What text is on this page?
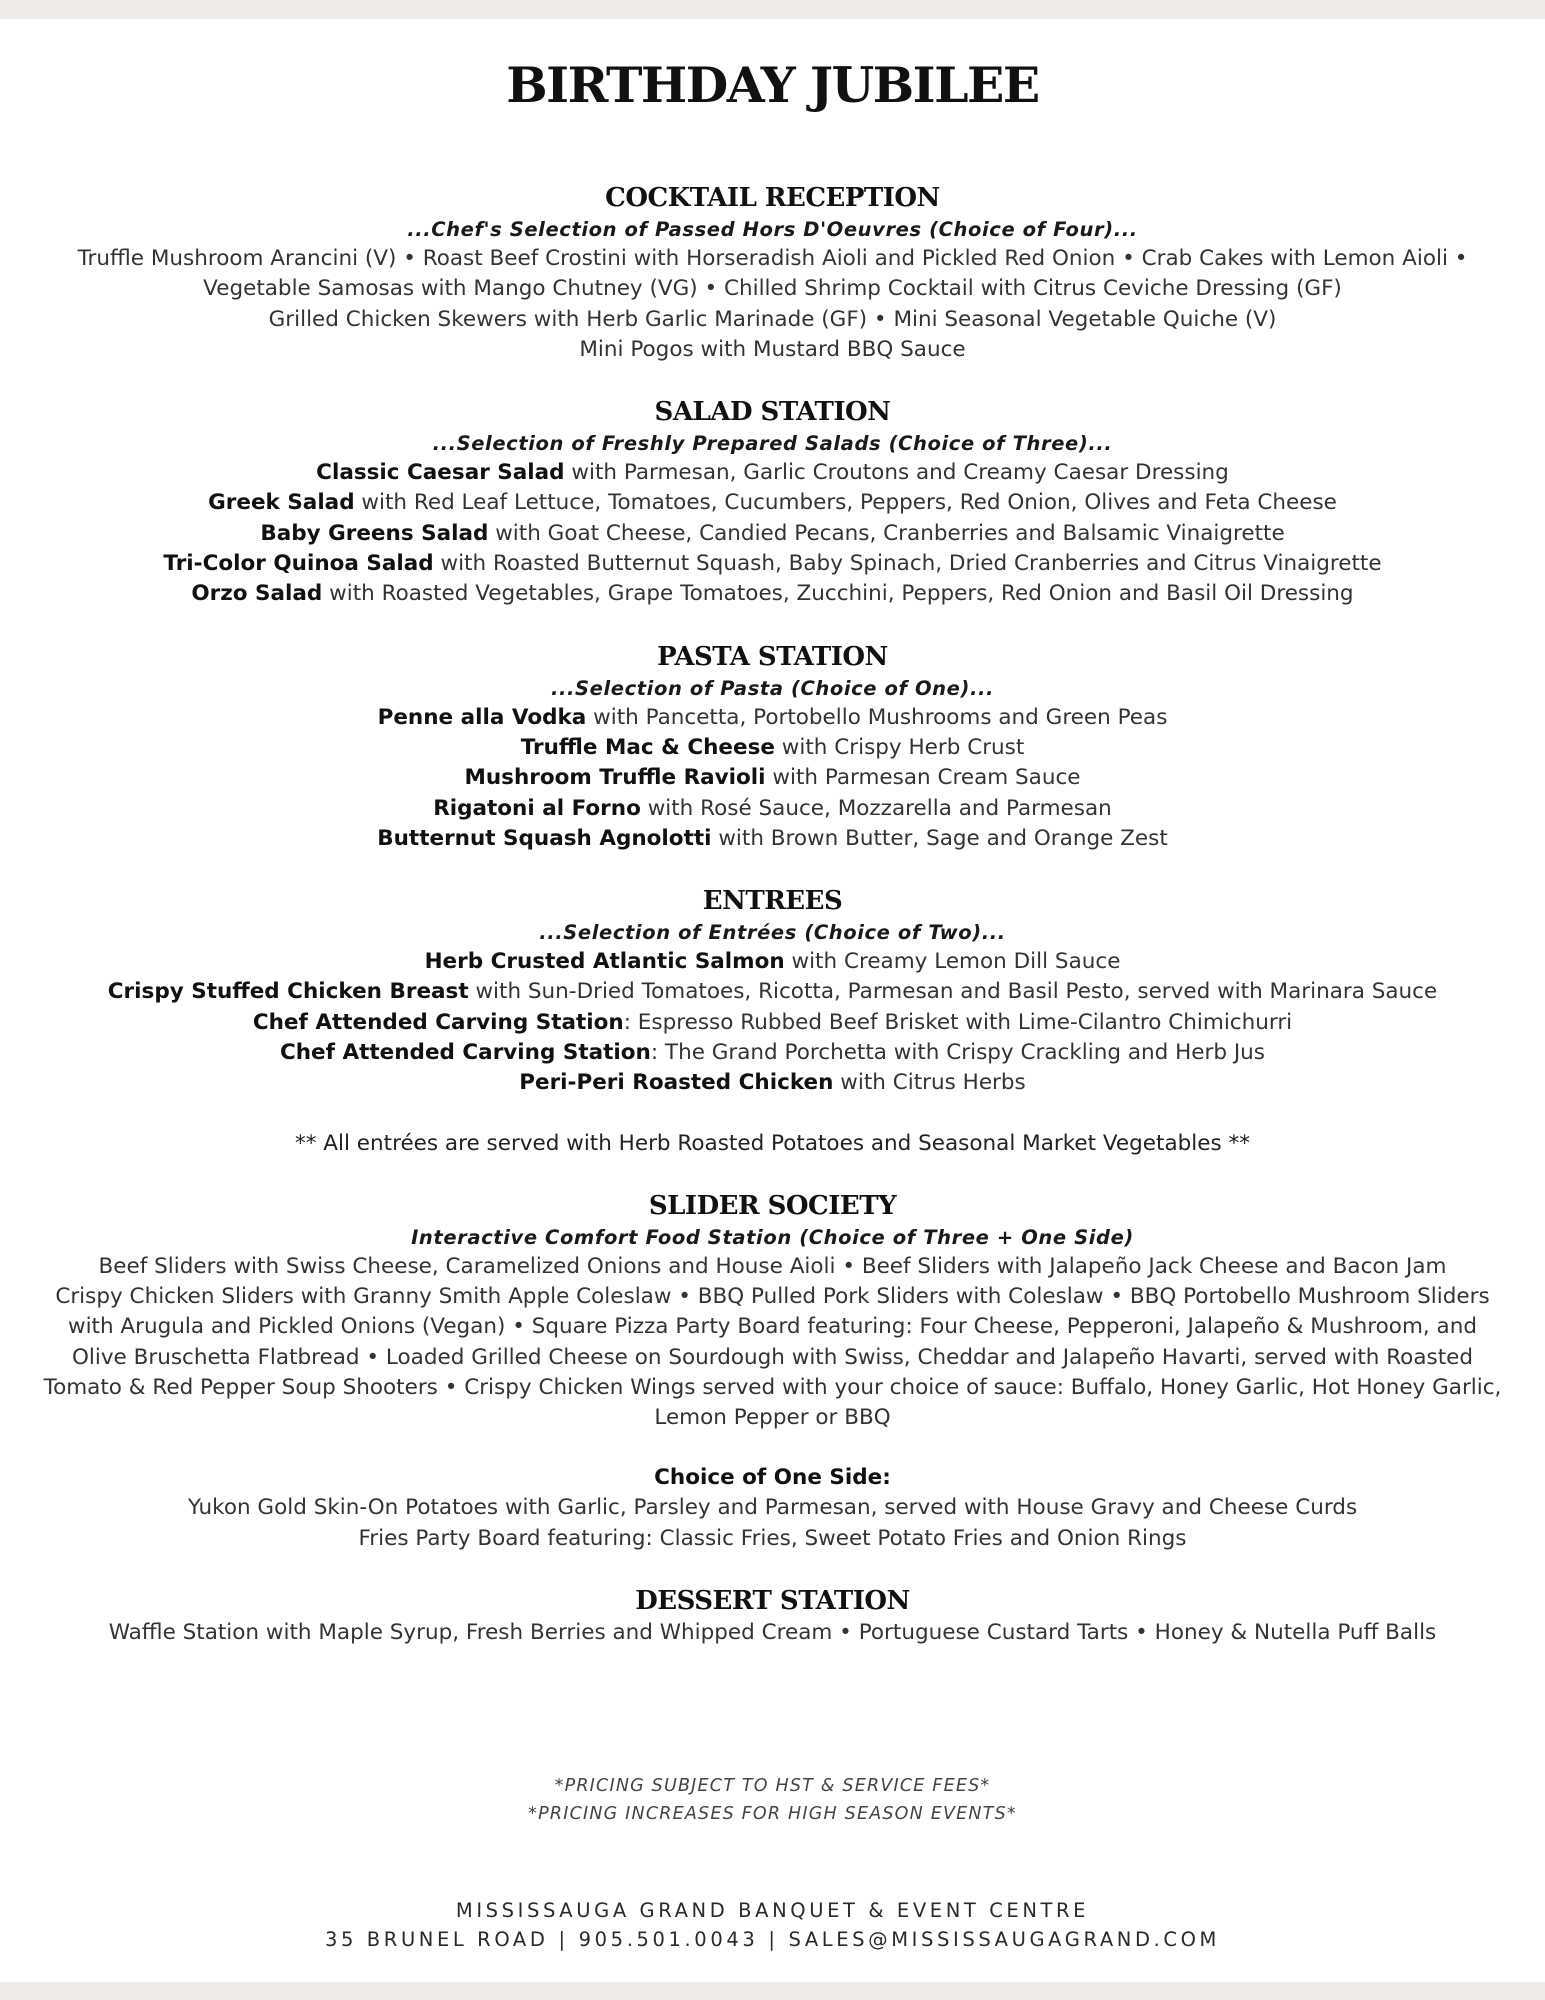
BIRTHDAY JUBILEE
COCKTAIL RECEPTION
...Chef's Selection of Passed Hors D'Oeuvres (Choice of Four)...
Truffle Mushroom Arancini (V) • Roast Beef Crostini with Horseradish Aioli and Pickled Red Onion • Crab Cakes with Lemon Aioli •
Vegetable Samosas with Mango Chutney (VG) • Chilled Shrimp Cocktail with Citrus Ceviche Dressing (GF)
Grilled Chicken Skewers with Herb Garlic Marinade (GF) • Mini Seasonal Vegetable Quiche (V)
Mini Pogos with Mustard BBQ Sauce
SALAD STATION
...Selection of Freshly Prepared Salads (Choice of Three)...
Classic Caesar Salad with Parmesan, Garlic Croutons and Creamy Caesar Dressing
Greek Salad with Red Leaf Lettuce, Tomatoes, Cucumbers, Peppers, Red Onion, Olives and Feta Cheese
Baby Greens Salad with Goat Cheese, Candied Pecans, Cranberries and Balsamic Vinaigrette
Tri-Color Quinoa Salad with Roasted Butternut Squash, Baby Spinach, Dried Cranberries and Citrus Vinaigrette
Orzo Salad with Roasted Vegetables, Grape Tomatoes, Zucchini, Peppers, Red Onion and Basil Oil Dressing
PASTA STATION
...Selection of Pasta (Choice of One)...
Penne alla Vodka with Pancetta, Portobello Mushrooms and Green Peas
Truffle Mac & Cheese with Crispy Herb Crust
Mushroom Truffle Ravioli with Parmesan Cream Sauce
Rigatoni al Forno with Rosé Sauce, Mozzarella and Parmesan
Butternut Squash Agnolotti with Brown Butter, Sage and Orange Zest
ENTREES
...Selection of Entrées (Choice of Two)...
Herb Crusted Atlantic Salmon with Creamy Lemon Dill Sauce
Crispy Stuffed Chicken Breast with Sun-Dried Tomatoes, Ricotta, Parmesan and Basil Pesto, served with Marinara Sauce
Chef Attended Carving Station: Espresso Rubbed Beef Brisket with Lime-Cilantro Chimichurri
Chef Attended Carving Station: The Grand Porchetta with Crispy Crackling and Herb Jus
Peri-Peri Roasted Chicken with Citrus Herbs
** All entrées are served with Herb Roasted Potatoes and Seasonal Market Vegetables **
SLIDER SOCIETY
Interactive Comfort Food Station (Choice of Three + One Side)
Beef Sliders with Swiss Cheese, Caramelized Onions and House Aioli • Beef Sliders with Jalapeño Jack Cheese and Bacon Jam
Crispy Chicken Sliders with Granny Smith Apple Coleslaw • BBQ Pulled Pork Sliders with Coleslaw • BBQ Portobello Mushroom Sliders
with Arugula and Pickled Onions (Vegan) • Square Pizza Party Board featuring: Four Cheese, Pepperoni, Jalapeño & Mushroom, and
Olive Bruschetta Flatbread • Loaded Grilled Cheese on Sourdough with Swiss, Cheddar and Jalapeño Havarti, served with Roasted
Tomato & Red Pepper Soup Shooters • Crispy Chicken Wings served with your choice of sauce: Buffalo, Honey Garlic, Hot Honey Garlic,
Lemon Pepper or BBQ
Choice of One Side:
Yukon Gold Skin-On Potatoes with Garlic, Parsley and Parmesan, served with House Gravy and Cheese Curds
Fries Party Board featuring: Classic Fries, Sweet Potato Fries and Onion Rings
DESSERT STATION
Waffle Station with Maple Syrup, Fresh Berries and Whipped Cream • Portuguese Custard Tarts • Honey & Nutella Puff Balls
*PRICING SUBJECT TO HST & SERVICE FEES*
*PRICING INCREASES FOR HIGH SEASON EVENTS*
MISSISSAUGA GRAND BANQUET & EVENT CENTRE
35 BRUNEL ROAD | 905.501.0043 | SALES@MISSISSAUGAGRAND.COM
